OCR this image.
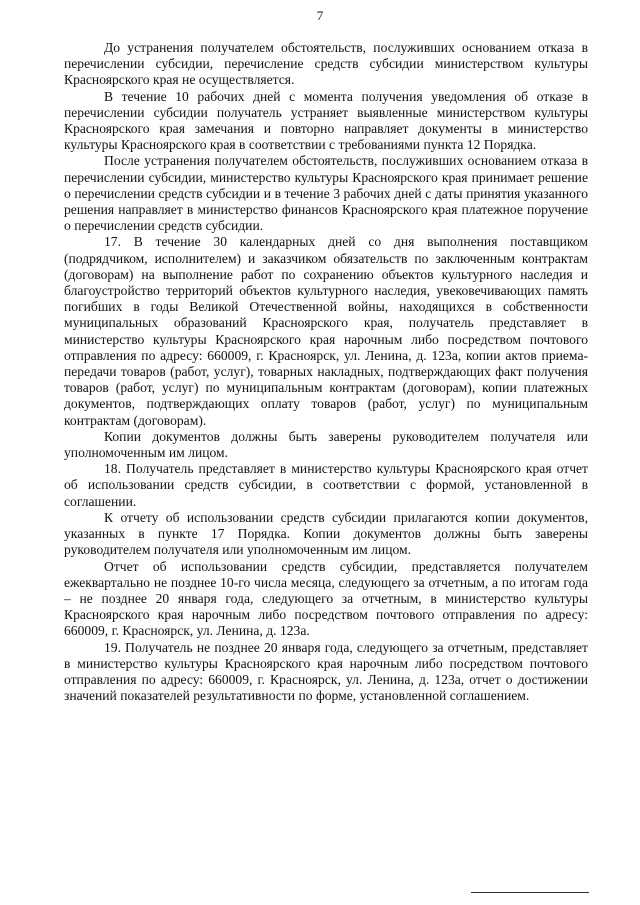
7

До устранения получателем обстоятельств, послуживших основанием отказа в перечислении субсидии, перечисление средств субсидии министерством культуры Красноярского края не осуществляется.

В течение 10 рабочих дней с момента получения уведомления об отказе в перечислении субсидии получатель устраняет выявленные министерством культуры Красноярского края замечания и повторно направляет документы в министерство культуры Красноярского края в соответствии с требованиями пункта 12 Порядка.

После устранения получателем обстоятельств, послуживших основанием отказа в перечислении субсидии, министерство культуры Красноярского края принимает решение о перечислении средств субсидии и в течение 3 рабочих дней с даты принятия указанного решения направляет в министерство финансов Красноярского края платежное поручение о перечислении средств субсидии.

17. В течение 30 календарных дней со дня выполнения поставщиком (подрядчиком, исполнителем) и заказчиком обязательств по заключенным контрактам (договорам) на выполнение работ по сохранению объектов культурного наследия и благоустройство территорий объектов культурного наследия, увековечивающих память погибших в годы Великой Отечественной войны, находящихся в собственности муниципальных образований Красноярского края, получатель представляет в министерство культуры Красноярского края нарочным либо посредством почтового отправления по адресу: 660009, г. Красноярск, ул. Ленина, д. 123а, копии актов приема-передачи товаров (работ, услуг), товарных накладных, подтверждающих факт получения товаров (работ, услуг) по муниципальным контрактам (договорам), копии платежных документов, подтверждающих оплату товаров (работ, услуг) по муниципальным контрактам (договорам).

Копии документов должны быть заверены руководителем получателя или уполномоченным им лицом.

18. Получатель представляет в министерство культуры Красноярского края отчет об использовании средств субсидии, в соответствии с формой, установленной в соглашении.

К отчету об использовании средств субсидии прилагаются копии документов, указанных в пункте 17 Порядка. Копии документов должны быть заверены руководителем получателя или уполномоченным им лицом.

Отчет об использовании средств субсидии, представляется получателем ежеквартально не позднее 10-го числа месяца, следующего за отчетным, а по итогам года – не позднее 20 января года, следующего за отчетным, в министерство культуры Красноярского края нарочным либо посредством почтового отправления по адресу: 660009, г. Красноярск, ул. Ленина, д. 123а.

19. Получатель не позднее 20 января года, следующего за отчетным, представляет в министерство культуры Красноярского края нарочным либо посредством почтового отправления по адресу: 660009, г. Красноярск, ул. Ленина, д. 123а, отчет о достижении значений показателей результативности по форме, установленной соглашением.
